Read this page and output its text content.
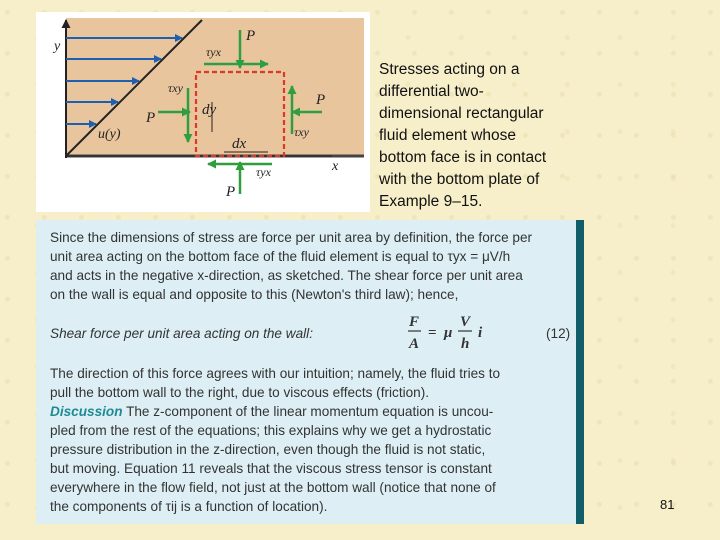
y
x
u(y)
P
P
P
P
τyx
τxy
τxy
τyx
dy
dx
Stresses acting on a
differential two-
dimensional rectangular
fluid element whose
bottom face is in contact
with the bottom plate of
Example 9–15.
Since the dimensions of stress are force per unit area by definition, the force per
unit area acting on the bottom face of the fluid element is equal to τyx = μV/h
and acts in the negative x-direction, as sketched. The shear force per unit area
on the wall is equal and opposite to this (Newton's third law); hence,
Shear force per unit area acting on the wall:
F
A
= μ
V
h
i	(12)
The direction of this force agrees with our intuition; namely, the fluid tries to
pull the bottom wall to the right, due to viscous effects (friction).
Discussion The z-component of the linear momentum equation is uncou-
pled from the rest of the equations; this explains why we get a hydrostatic
pressure distribution in the z-direction, even though the fluid is not static,
but moving. Equation 11 reveals that the viscous stress tensor is constant
everywhere in the flow field, not just at the bottom wall (notice that none of
the components of τij is a function of location).	81
